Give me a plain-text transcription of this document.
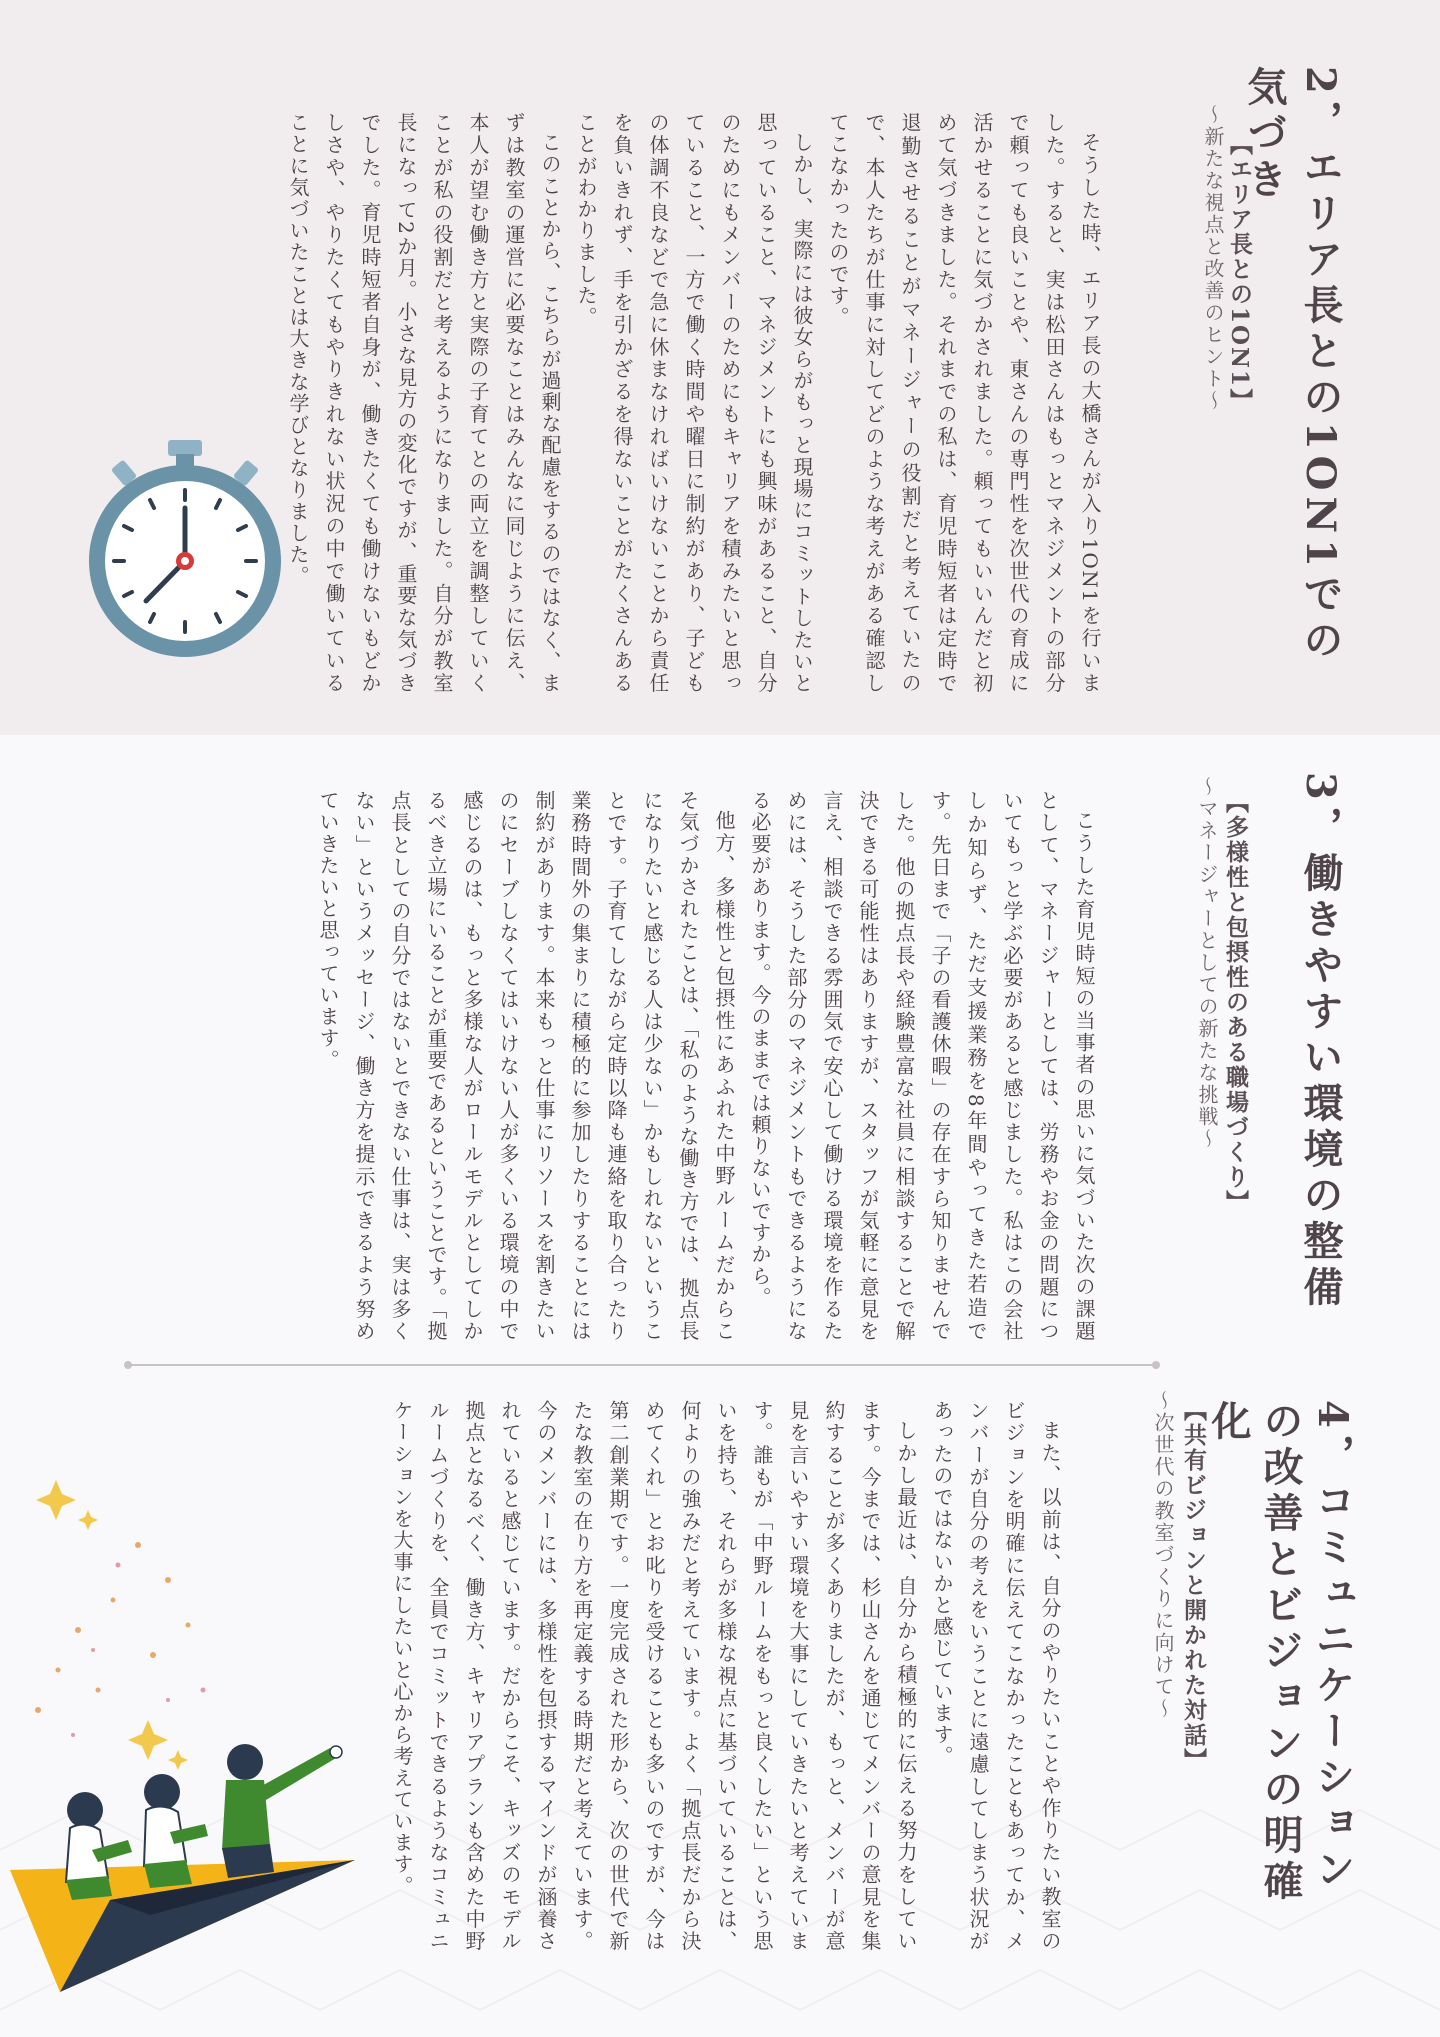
2，エリア長との1ON1での気づき
【エリア長との1ON1】
～新たな視点と改善のヒント～

そうした時、エリア長の大橋さんが入り1ON1を行いました。すると、実は松田さんはもっとマネジメントの部分で頼っても良いことや、東さんの専門性を次世代の育成に活かせることに気づかされました。頼ってもいいんだと初めて気づきました。それまでの私は、育児時短者は定時で退勤させることがマネージャーの役割だと考えていたので、本人たちが仕事に対してどのような考えがある確認してこなかったのです。

しかし、実際には彼女らがもっと現場にコミットしたいと思っていること、マネジメントにも興味があること、自分のためにもメンバーのためにもキャリアを積みたいと思っていること、一方で働く時間や曜日に制約があり、子どもの体調不良などで急に休まなければいけないことから責任を負いきれず、手を引かざるを得ないことがたくさんあることがわかりました。

このことから、こちらが過剰な配慮をするのではなく、まずは教室の運営に必要なことはみんなに同じように伝え、本人が望む働き方と実際の子育てとの両立を調整していくことが私の役割だと考えるようになりました。自分が教室長になって2か月。小さな見方の変化ですが、重要な気づきでした。育児時短者自身が、働きたくても働けないもどかしさや、やりたくてもやりきれない状況の中で働いていることに気づいたことは大きな学びとなりました。

3，働きやすい環境の整備
【多様性と包摂性のある職場づくり】
～マネージャーとしての新たな挑戦～

こうした育児時短の当事者の思いに気づいた次の課題として、マネージャーとしては、労務やお金の問題についてもっと学ぶ必要があると感じました。私はこの会社しか知らず、ただ支援業務を8年間やってきた若造です。先日まで「子の看護休暇」の存在すら知りませんでした。他の拠点長や経験豊富な社員に相談することで解決できる可能性はありますが、スタッフが気軽に意見を言え、相談できる雰囲気で安心して働ける環境を作るためには、そうした部分のマネジメントもできるようになる必要があります。今のままでは頼りないですから。

他方、多様性と包摂性にあふれた中野ルームだからこそ気づかされたことは、「私のような働き方では、拠点長になりたいと感じる人は少ない」かもしれないということです。子育てしながら定時以降も連絡を取り合ったり業務時間外の集まりに積極的に参加したりすることには制約があります。本来もっと仕事にリソースを割きたいのにセーブしなくてはいけない人が多くいる環境の中で感じるのは、もっと多様な人がロールモデルとしてしかるべき立場にいることが重要であるということです。「拠点長としての自分ではないとできない仕事は、実は多くない」というメッセージ、働き方を提示できるよう努めていきたいと思っています。

4，コミュニケーションの改善とビジョンの明確化
【共有ビジョンと開かれた対話】
～次世代の教室づくりに向けて～

また、以前は、自分のやりたいことや作りたい教室のビジョンを明確に伝えてこなかったこともあってか、メンバーが自分の考えをいうことに遠慮してしまう状況があったのではないかと感じています。

しかし最近は、自分から積極的に伝える努力をしています。今までは、杉山さんを通じてメンバーの意見を集約することが多くありましたが、もっと、メンバーが意見を言いやすい環境を大事にしていきたいと考えています。誰もが「中野ルームをもっと良くしたい」という思いを持ち、それらが多様な視点に基づいていることは、何よりの強みだと考えています。よく「拠点長だから決めてくれ」とお叱りを受けることも多いのですが、今は第二創業期です。一度完成された形から、次の世代で新たな教室の在り方を再定義する時期だと考えています。今のメンバーには、多様性を包摂するマインドが涵養されていると感じています。だからこそ、キッズのモデル拠点となるべく、働き方、キャリアプランも含めた中野ルームづくりを、全員でコミットできるようなコミュニケーションを大事にしたいと心から考えています。
